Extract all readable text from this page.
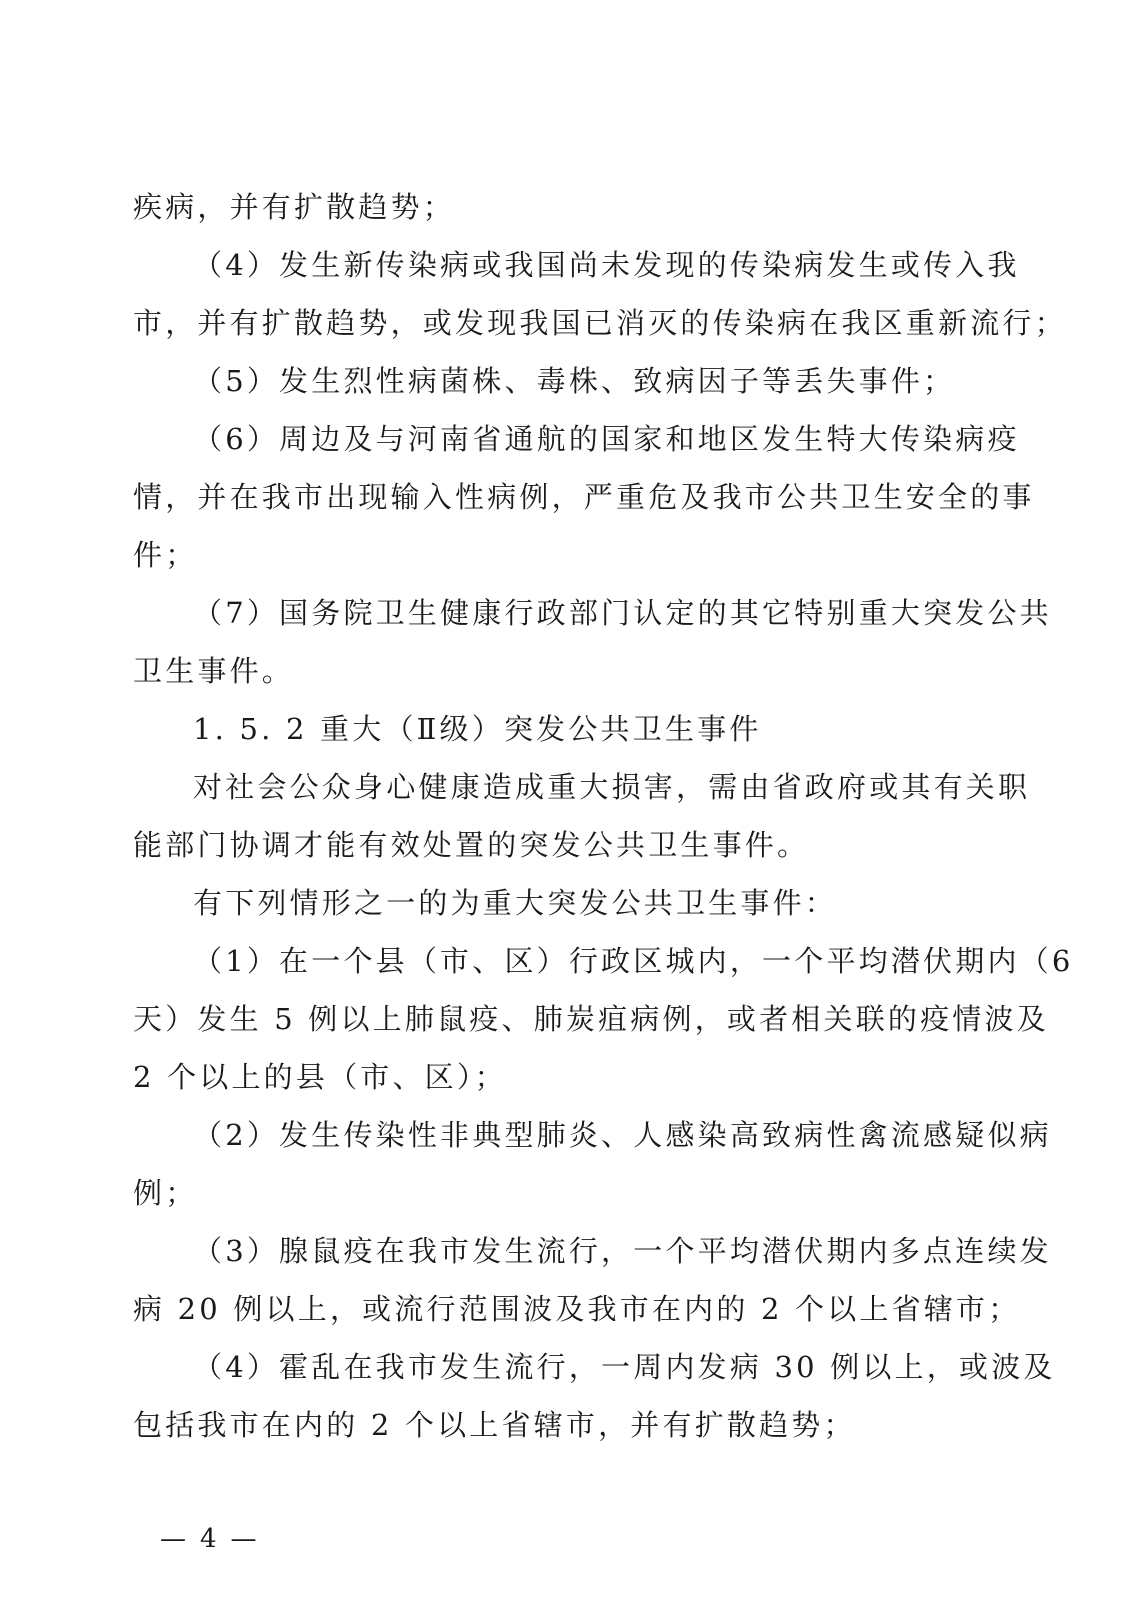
疾病，并有扩散趋势；
（4）发生新传染病或我国尚未发现的传染病发生或传入我
市，并有扩散趋势，或发现我国已消灭的传染病在我区重新流行；
（5）发生烈性病菌株、毒株、致病因子等丢失事件；
（6）周边及与河南省通航的国家和地区发生特大传染病疫
情，并在我市出现输入性病例，严重危及我市公共卫生安全的事
件；
（7）国务院卫生健康行政部门认定的其它特别重大突发公共
卫生事件。
1. 5. 2 重大（Ⅱ级）突发公共卫生事件
对社会公众身心健康造成重大损害，需由省政府或其有关职
能部门协调才能有效处置的突发公共卫生事件。
有下列情形之一的为重大突发公共卫生事件：
（1）在一个县（市、区）行政区城内，一个平均潜伏期内（6
天）发生 5 例以上肺鼠疫、肺炭疽病例，或者相关联的疫情波及
2 个以上的县（市、区）；
（2）发生传染性非典型肺炎、人感染高致病性禽流感疑似病
例；
（3）腺鼠疫在我市发生流行，一个平均潜伏期内多点连续发
病 20 例以上，或流行范围波及我市在内的 2 个以上省辖市；
（4）霍乱在我市发生流行，一周内发病 30 例以上，或波及
包括我市在内的 2 个以上省辖市，并有扩散趋势；
— 4 —
